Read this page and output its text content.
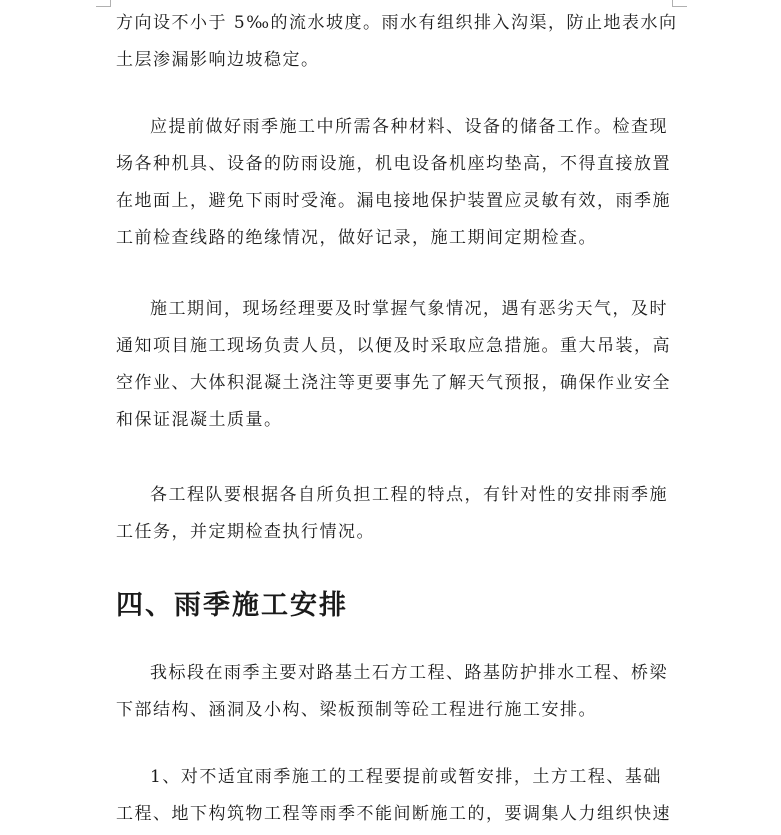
方向设不小于 5‰的流水坡度。雨水有组织排入沟渠，防止地表水向
土层渗漏影响边坡稳定。

应提前做好雨季施工中所需各种材料、设备的储备工作。检查现
场各种机具、设备的防雨设施，机电设备机座均垫高，不得直接放置
在地面上，避免下雨时受淹。漏电接地保护装置应灵敏有效，雨季施
工前检查线路的绝缘情况，做好记录，施工期间定期检查。

施工期间，现场经理要及时掌握气象情况，遇有恶劣天气，及时
通知项目施工现场负责人员，以便及时采取应急措施。重大吊装，高
空作业、大体积混凝土浇注等更要事先了解天气预报，确保作业安全
和保证混凝土质量。

各工程队要根据各自所负担工程的特点，有针对性的安排雨季施
工任务，并定期检查执行情况。

四、雨季施工安排

我标段在雨季主要对路基土石方工程、路基防护排水工程、桥梁
下部结构、涵洞及小构、梁板预制等砼工程进行施工安排。

1、对不适宜雨季施工的工程要提前或暂安排，土方工程、基础
工程、地下构筑物工程等雨季不能间断施工的，要调集人力组织快速
